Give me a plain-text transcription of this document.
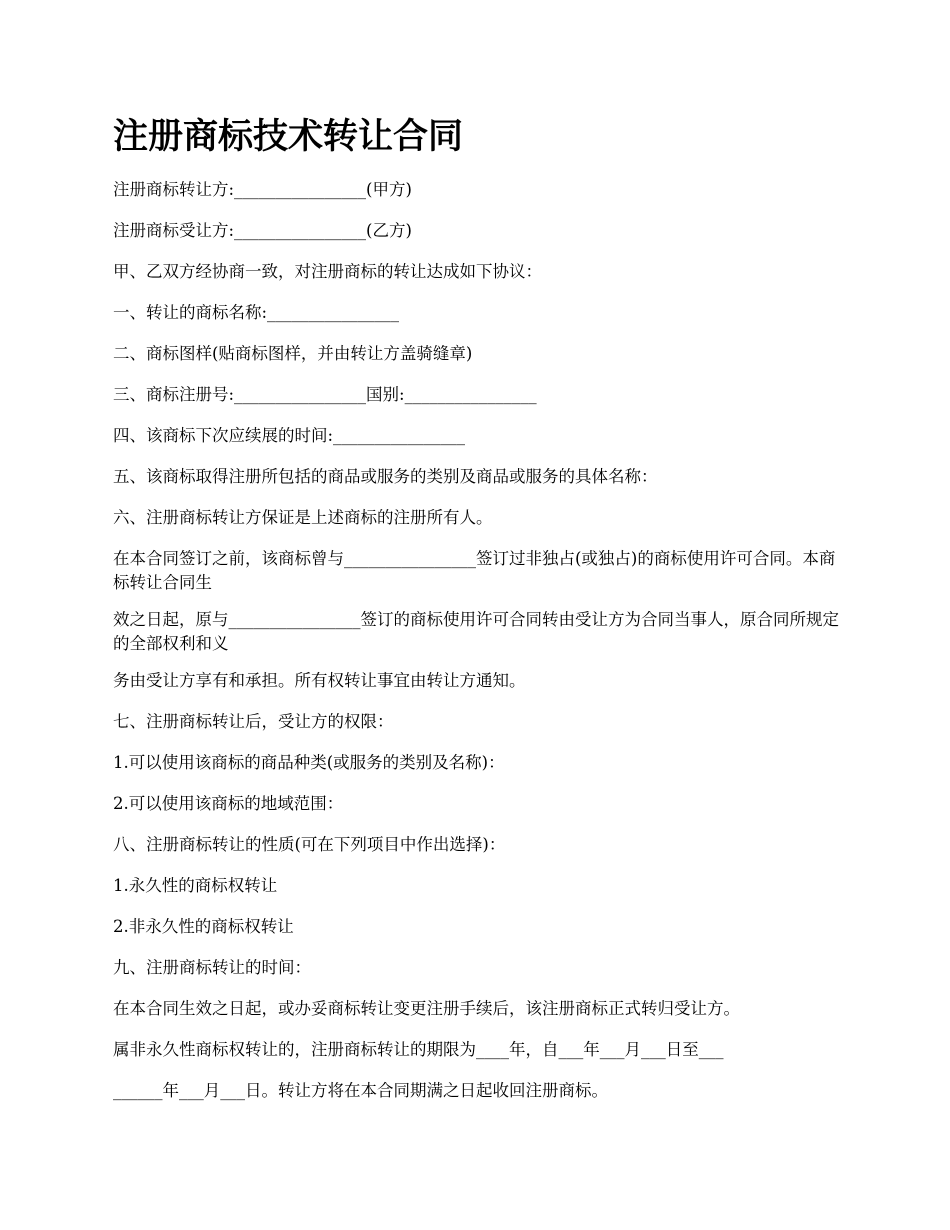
注册商标技术转让合同

注册商标转让方:________________(甲方)

注册商标受让方:________________(乙方)

甲、乙双方经协商一致，对注册商标的转让达成如下协议：

一、转让的商标名称:________________

二、商标图样(贴商标图样，并由转让方盖骑缝章)

三、商标注册号:________________国别:________________

四、该商标下次应续展的时间:________________

五、该商标取得注册所包括的商品或服务的类别及商品或服务的具体名称：

六、注册商标转让方保证是上述商标的注册所有人。

在本合同签订之前，该商标曾与________________签订过非独占(或独占)的商标使用许可合同。本商标转让合同生

效之日起，原与________________签订的商标使用许可合同转由受让方为合同当事人，原合同所规定的全部权利和义

务由受让方享有和承担。所有权转让事宜由转让方通知。

七、注册商标转让后，受让方的权限：

1.可以使用该商标的商品种类(或服务的类别及名称)：

2.可以使用该商标的地域范围：

八、注册商标转让的性质(可在下列项目中作出选择)：

1.永久性的商标权转让

2.非永久性的商标权转让

九、注册商标转让的时间：

在本合同生效之日起，或办妥商标转让变更注册手续后，该注册商标正式转归受让方。

属非永久性商标权转让的，注册商标转让的期限为____年，自___年___月___日至___

______年___月___日。转让方将在本合同期满之日起收回注册商标。
